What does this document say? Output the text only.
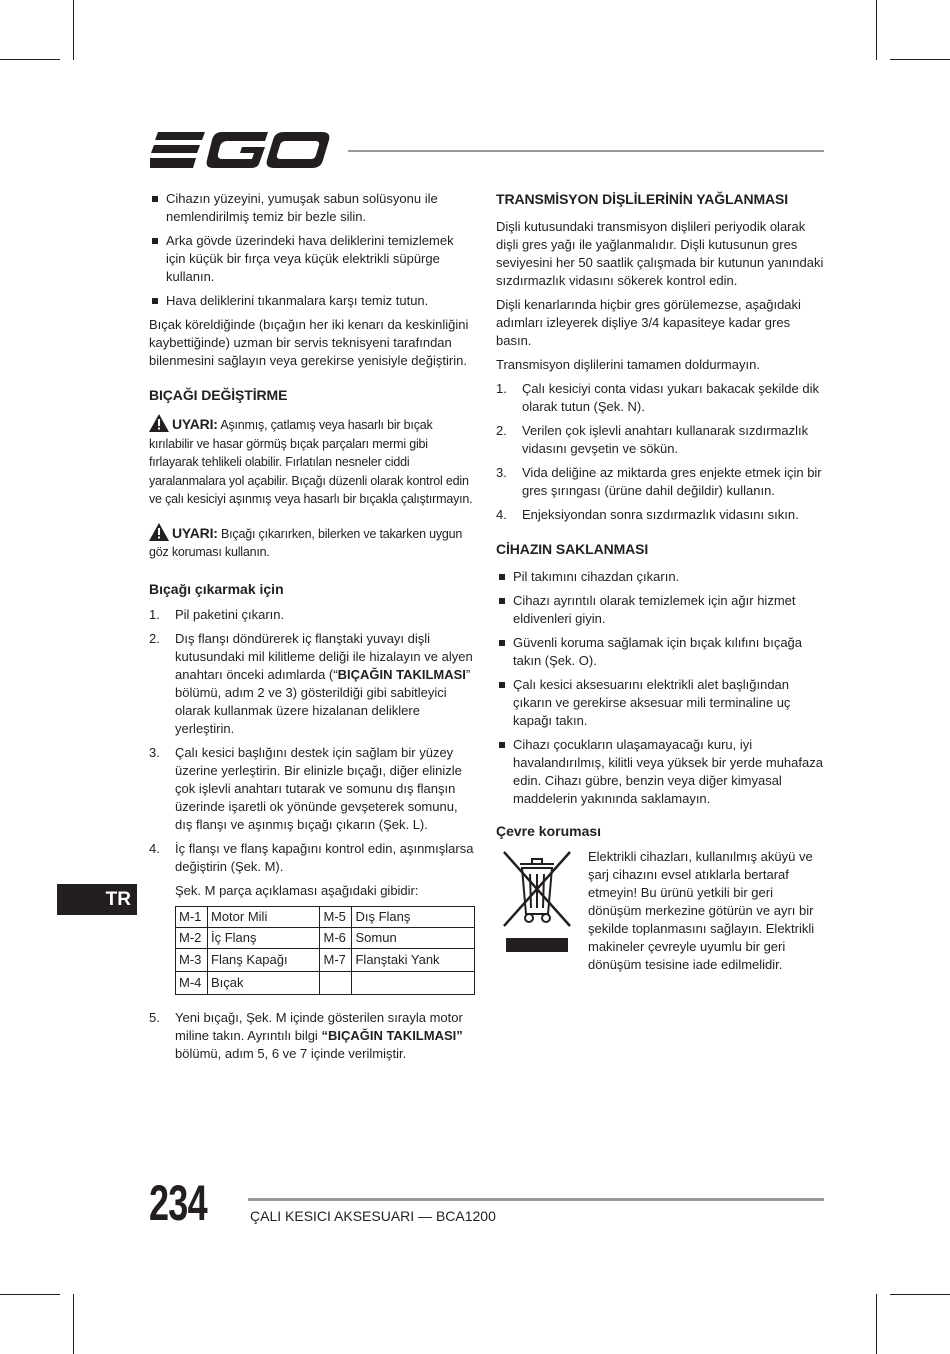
Cihazın yüzeyini, yumuşak sabun solüsyonu ile nemlendirilmiş temiz bir bezle silin.
Arka gövde üzerindeki hava deliklerini temizlemek için küçük bir fırça veya küçük elektrikli süpürge kullanın.
Hava deliklerini tıkanmalara karşı temiz tutun.

Bıçak köreldiğinde (bıçağın her iki kenarı da keskinliğini kaybettiğinde) uzman bir servis teknisyeni tarafından bilenmesini sağlayın veya gerekirse yenisiyle değiştirin.

BIÇAĞI DEĞİŞTİRME
UYARI: Aşınmış, çatlamış veya hasarlı bir bıçak kırılabilir ve hasar görmüş bıçak parçaları mermi gibi fırlayarak tehlikeli olabilir. Fırlatılan nesneler ciddi yaralanmalara yol açabilir. Bıçağı düzenli olarak kontrol edin ve çalı kesiciyi aşınmış veya hasarlı bir bıçakla çalıştırmayın.
UYARI: Bıçağı çıkarırken, bilerken ve takarken uygun göz koruması kullanın.
Bıçağı çıkarmak için
1. Pil paketini çıkarın.
2. Dış flanşı döndürerek iç flanştaki yuvayı dişli kutusundaki mil kilitleme deliği ile hizalayın ve alyen anahtarı önceki adımlarda (“BIÇAĞIN TAKILMASI” bölümü, adım 2 ve 3) gösterildiği gibi sabitleyici olarak kullanmak üzere hizalanan deliklere yerleştirin.
3. Çalı kesici başlığını destek için sağlam bir yüzey üzerine yerleştirin. Bir elinizle bıçağı, diğer elinizle çok işlevli anahtarı tutarak ve somunu dış flanşın üzerinde işaretli ok yönünde gevşeterek somunu, dış flanşı ve aşınmış bıçağı çıkarın (Şek. L).
4. İç flanşı ve flanş kapağını kontrol edin, aşınmışlarsa değiştirin (Şek. M).
Şek. M parça açıklaması aşağıdaki gibidir:
M-1	Motor Mili	M-5	Dış Flanş
M-2	İç Flanş	M-6	Somun
M-3	Flanş Kapağı	M-7	Flanştaki Yank
M-4	Bıçak		
5. Yeni bıçağı, Şek. M içinde gösterilen sırayla motor miline takın. Ayrıntılı bilgi “BIÇAĞIN TAKILMASI” bölümü, adım 5, 6 ve 7 içinde verilmiştir.
TRANSMİSYON DİŞLİLERİNİN YAĞLANMASI

Dişli kutusundaki transmisyon dişlileri periyodik olarak dişli gres yağı ile yağlanmalıdır. Dişli kutusunun gres seviyesini her 50 saatlik çalışmada bir kutunun yanındaki sızdırmazlık vidasını sökerek kontrol edin.

Dişli kenarlarında hiçbir gres görülemezse, aşağıdaki adımları izleyerek dişliye 3/4 kapasiteye kadar gres basın.

Transmisyon dişlilerini tamamen doldurmayın.

1. Çalı kesiciyi conta vidası yukarı bakacak şekilde dik olarak tutun (Şek. N).
2. Verilen çok işlevli anahtarı kullanarak sızdırmazlık vidasını gevşetin ve sökün.
3. Vida deliğine az miktarda gres enjekte etmek için bir gres şırıngası (ürüne dahil değildir) kullanın.
4. Enjeksiyondan sonra sızdırmazlık vidasını sıkın.
CİHAZIN SAKLANMASI
Pil takımını cihazdan çıkarın.
Cihazı ayrıntılı olarak temizlemek için ağır hizmet eldivenleri giyin.
Güvenli koruma sağlamak için bıçak kılıfını bıçağa takın (Şek. O).
Çalı kesici aksesuarını elektrikli alet başlığından çıkarın ve gerekirse aksesuar mili terminaline uç kapağı takın.
Cihazı çocukların ulaşamayacağı kuru, iyi havalandırılmış, kilitli veya yüksek bir yerde muhafaza edin. Cihazı gübre, benzin veya diğer kimyasal maddelerin yakınında saklamayın.
Çevre koruması
Elektrikli cihazları, kullanılmış aküyü ve şarj cihazını evsel atıklarla bertaraf etmeyin! Bu ürünü yetkili bir geri dönüşüm merkezine götürün ve ayrı bir şekilde toplanmasını sağlayın. Elektrikli makineler çevreyle uyumlu bir geri dönüşüm tesisine iade edilmelidir.
TR
234	ÇALI KESICI AKSESUARI — BCA1200
